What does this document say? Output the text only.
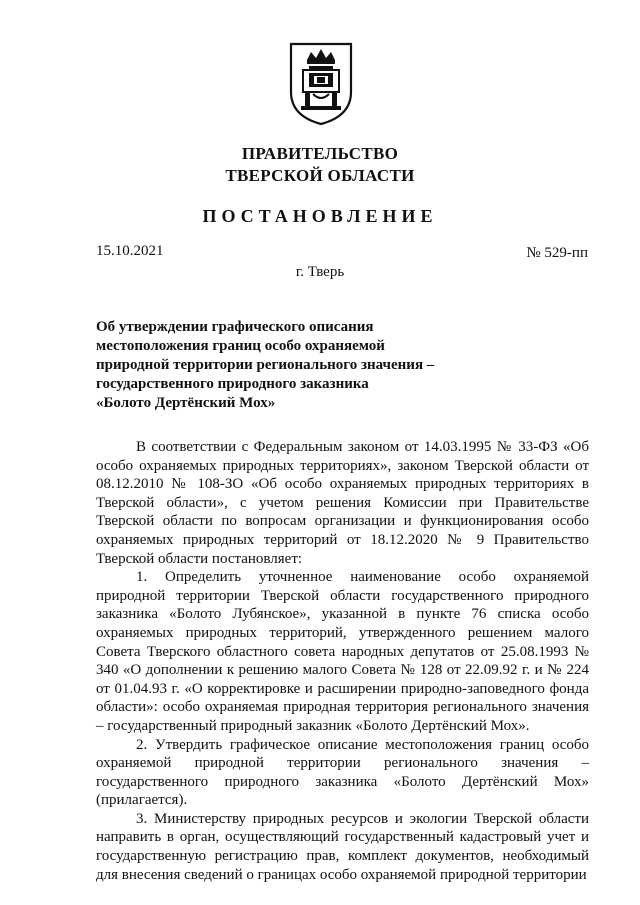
ПРАВИТЕЛЬСТВО
ТВЕРСКОЙ ОБЛАСТИ
ПОСТАНОВЛЕНИЕ
15.10.2021	№ 529-пп
г. Тверь
Об утверждении графического описания
местоположения границ особо охраняемой
природной территории регионального значения –
государственного природного заказника
«Болото Дертёнский Мох»

В соответствии с Федеральным законом от 14.03.1995 № 33-ФЗ «Об особо охраняемых природных территориях», законом Тверской области от 08.12.2010 № 108-ЗО «Об особо охраняемых природных территориях в Тверской области», с учетом решения Комиссии при Правительстве Тверской области по вопросам организации и функционирования особо охраняемых природных территорий от 18.12.2020 № 9 Правительство Тверской области постановляет:

1. Определить уточненное наименование особо охраняемой природной территории Тверской области государственного природного заказника «Болото Лубянское», указанной в пункте 76 списка особо охраняемых природных территорий, утвержденного решением малого Совета Тверского областного совета народных депутатов от 25.08.1993 № 340 «О дополнении к решению малого Совета № 128 от 22.09.92 г. и № 224 от 01.04.93 г. «О корректировке и расширении природно-заповедного фонда области»: особо охраняемая природная территория регионального значения – государственный природный заказник «Болото Дертёнский Мох».

2. Утвердить графическое описание местоположения границ особо охраняемой природной территории регионального значения – государственного природного заказника «Болото Дертёнский Мох» (прилагается).

3. Министерству природных ресурсов и экологии Тверской области направить в орган, осуществляющий государственный кадастровый учет и государственную регистрацию прав, комплект документов, необходимый для внесения сведений о границах особо охраняемой природной территории
